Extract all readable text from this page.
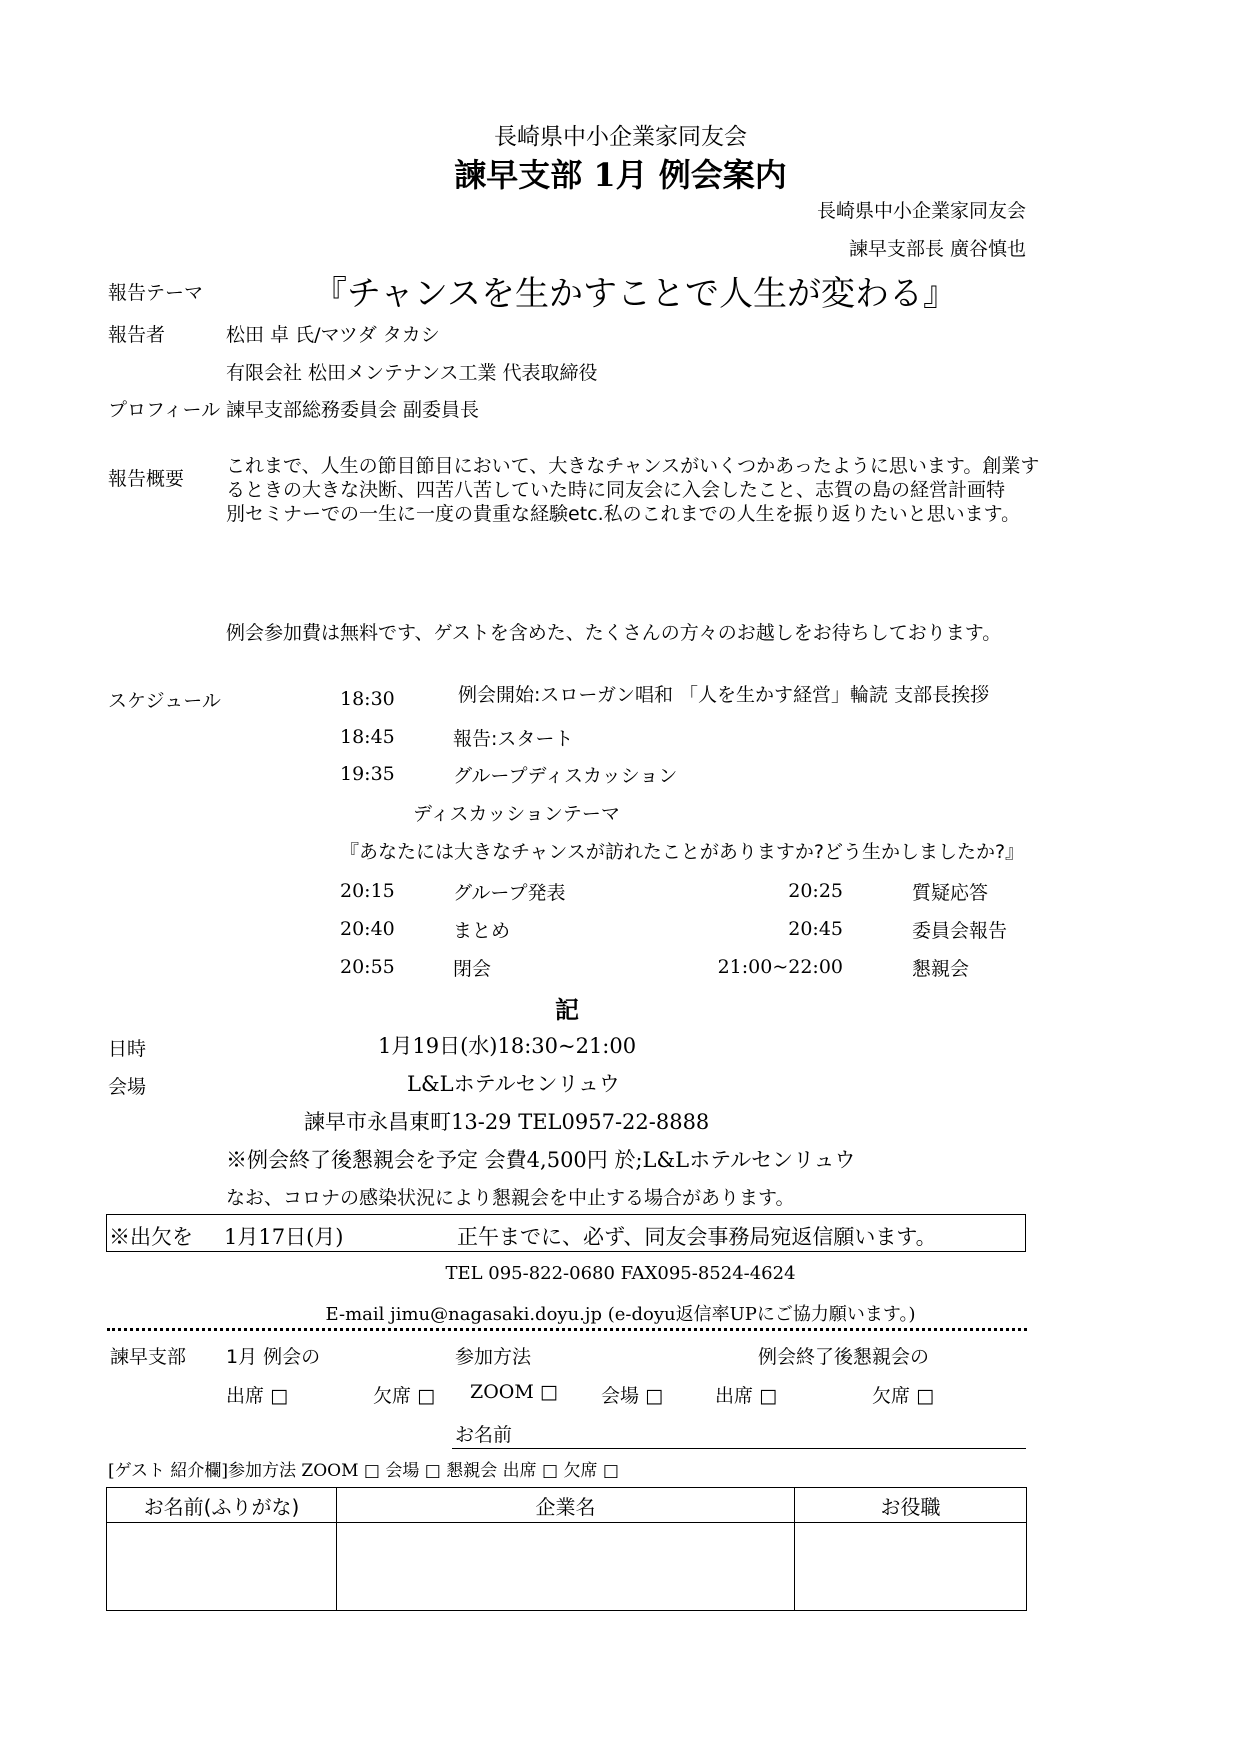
長崎県中小企業家同友会
諫早支部 1月 例会案内
長崎県中小企業家同友会
諫早支部長 廣谷慎也
報告テーマ	『チャンスを生かすことで人生が変わる』
報告者	松田 卓 氏/マツダ タカシ
有限会社 松田メンテナンス工業 代表取締役
プロフィール 諫早支部総務委員会 副委員長
報告概要
これまで、人生の節目節目において、大きなチャンスがいくつかあったように思います。創業す
るときの大きな決断、四苦八苦していた時に同友会に入会したこと、志賀の島の経営計画特
別セミナーでの一生に一度の貴重な経験etc.私のこれまでの人生を振り返りたいと思います。
例会参加費は無料です、ゲストを含めた、たくさんの方々のお越しをお待ちしております。
スケジュール	18:30	例会開始:スローガン唱和 「人を生かす経営」輪読 支部長挨拶
18:45	報告:スタート
19:35	グループディスカッション
ディスカッションテーマ
『あなたには大きなチャンスが訪れたことがありますか?どう生かしましたか?』
20:15	グループ発表	20:25	質疑応答
20:40	まとめ	20:45	委員会報告
20:55	閉会	21:00~22:00	懇親会
記
日時	1月19日(水)18:30~21:00
会場	L&Lホテルセンリュウ
諫早市永昌東町13-29 TEL0957-22-8888
※例会終了後懇親会を予定 会費4,500円 於;L&Lホテルセンリュウ
なお、コロナの感染状況により懇親会を中止する場合があります。
※出欠を 1月17日(月)	正午までに、必ず、同友会事務局宛返信願います。
TEL 095-822-0680 FAX095-8524-4624
E-mail jimu@nagasaki.doyu.jp (e-doyu返信率UPにご協力願います。)
諫早支部 1月 例会の	参加方法	例会終了後懇親会の
出席 □	欠席 □ ZOOM □ 会場 □	出席 □	欠席 □
お名前
[ゲスト 紹介欄]参加方法 ZOOM □ 会場 □ 懇親会 出席 □ 欠席 □
お名前(ふりがな)	企業名	お役職
